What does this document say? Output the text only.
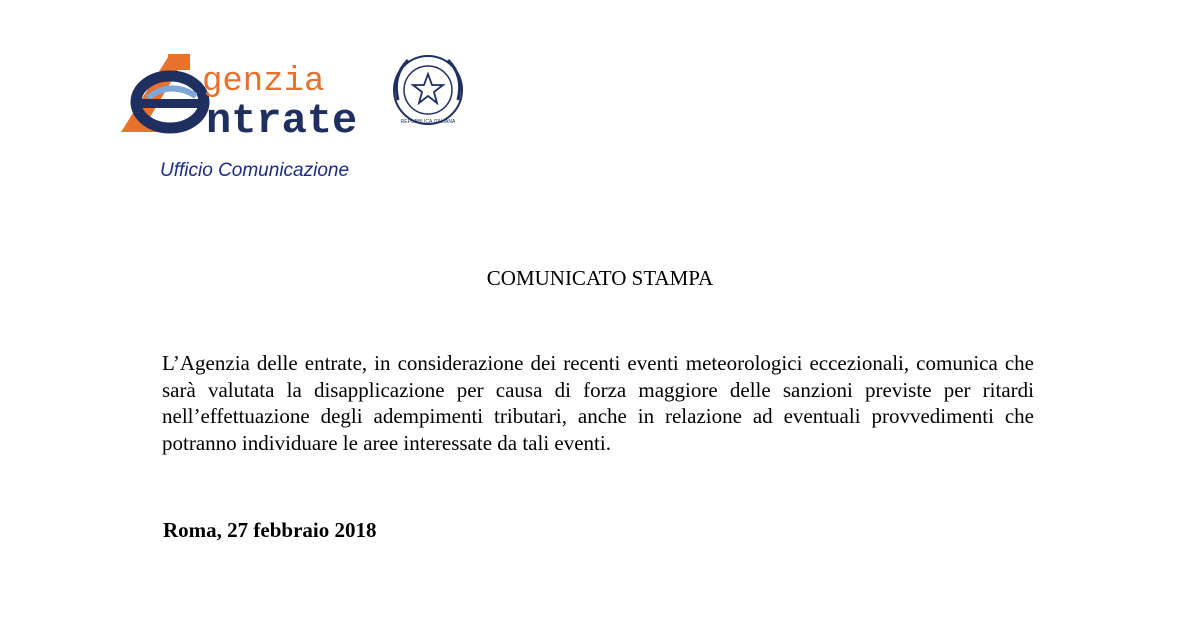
genzia
ntrate	REPUBBLICA ITALIANA
Ufficio Comunicazione
COMUNICATO STAMPA

L’Agenzia delle entrate, in considerazione dei recenti eventi meteorologici eccezionali, comunica che sarà valutata la disapplicazione per causa di forza maggiore delle sanzioni previste per ritardi nell’effettuazione degli adempimenti tributari, anche in relazione ad eventuali provvedimenti che potranno individuare le aree interessate da tali eventi.

Roma, 27 febbraio 2018
